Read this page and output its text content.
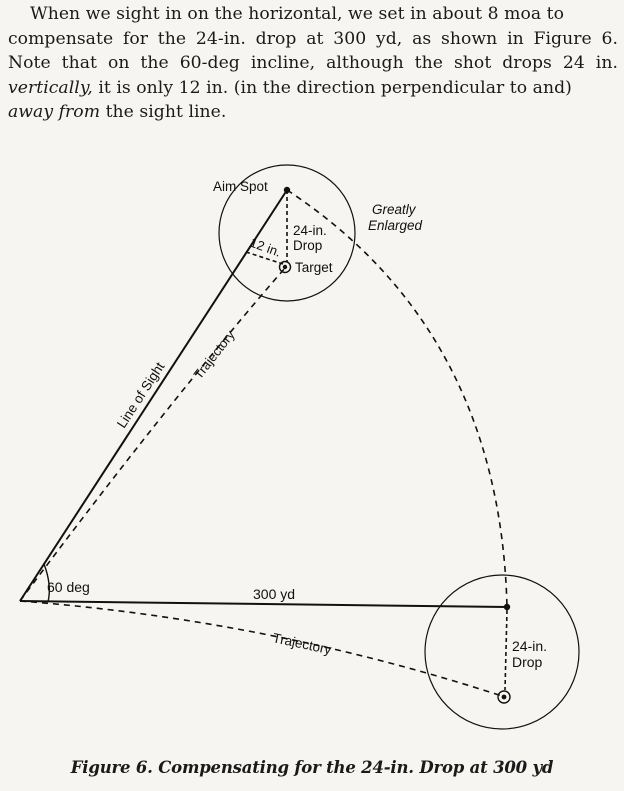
When we sight in on the horizontal, we set in about 8 moa to
compensate for the 24-in. drop at 300 yd, as shown in Figure 6.
Note that on the 60-deg incline, although the shot drops 24 in.
vertically, it is only 12 in. (in the direction perpendicular to and)
away from the sight line.
Aim Spot
Greatly
Enlarged
24-in.
Drop
12 in.
Target
Trajectory
Line of Sight
60 deg	300 yd
Trajectory	24-in.
Drop
Figure 6. Compensating for the 24-in. Drop at 300 yd
